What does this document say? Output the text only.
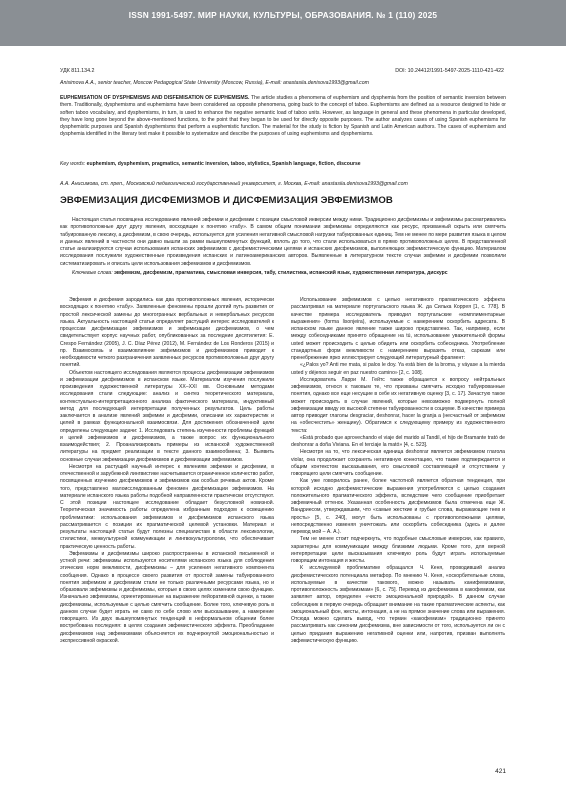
ISSN 1991-5497. МИР НАУКИ, КУЛЬТУРЫ, ОБРАЗОВАНИЯ. № 1 (110) 2025
УДК 811.134.2	DOI: 10.24412/1991-5497-2025-1110-421-422
Anisimova A.A., senior teacher, Moscow Pedagogical State University (Moscow, Russia), E-mail: anastasiia.denisova1993@gmail.com
EUPHEMISATION OF DYSPHEMISMS AND DISFEMISATION OF EUPHEMISMS. The article studies a phenomena of euphemism and dysphemia from the position of semantic inversion between them. Traditionally, dysphemisms and euphemisms have been considered as opposite phenomena, going back to the concept of taboo. Euphemisms are defined as a resource designed to hide or soften taboo vocabulary, and dysphemisms, in turn, is used to enhance the negative semantic load of taboo units. However, as language in general and these phenomena in particular developed, they have long gone beyond the above-mentioned functions, to the point that they began to be used for directly opposite purposes. The author analyzes cases of using Spanish euphemisms for dysphemistic purposes and Spanish dysphemisms that perform a euphemistic function. The material for the study is fiction by Spanish and Latin American authors. The cases of euphemism and dysphemia identified in the literary text make it possible to systematize and describe the purposes of using euphemisms and dysphemisms.
Key words: euphemism, dysphemism, pragmatics, semantic inversion, taboo, stylistics, Spanish language, fiction, discourse
А.А. Анисимова, ст. преп., Московский педагогический государственный университет, г. Москва, E-mail: anastasiia.denisova1993@gmail.com
ЭВФЕМИЗАЦИЯ ДИСФЕМИЗМОВ И ДИСФЕМИЗАЦИЯ ЭВФЕМИЗМОВ

Настоящая статья посвящена исследованию явлений эвфемии и дисфемии с позиции смысловой инверсии между ними. Традиционно дисфемизмы и эвфемизмы рассматривались как противоположные друг другу явления, восходящие к понятию «табу». В самом общем понимании эвфемизмы определяются как ресурс, призванный скрыть или смягчить табуированную лексику, а дисфемизм, в свою очередь, используется для усиления негативной смысловой нагрузки табуированных единиц. Тем не менее по мере развития языка в целом и данных явлений в частности они давно вышли за рамки вышеупомянутых функций, вплоть до того, что стали использоваться в прямо противоположных целях. В представленной статье анализируются случаи использования испанских эвфемизмов с дисфемистическими целями и испанских дисфемизмов, выполняющих эвфемистическую функцию. Материалом исследования послужили художественные произведения испанских и латиноамериканских авторов. Выявленные в литературном тексте случаи эвфемии и дисфемии позволили систематизировать и описать цели использования эвфемизмов и дисфемизмов.

Ключевые слова: эвфемизм, дисфемизм, прагматика, смысловая инверсия, табу, стилистика, испанский язык, художественная литература, дискурс

Эвфемия и дисфемия зародились как два противоположных явления, исторически восходящих к понятию «табу». Заявленные феномены прошли долгий путь развития от простой лексической замены до многогранных вербальных и невербальных ресурсов языка. Актуальность настоящей статьи определяет растущий интерес исследователей к процессам дисфемизации эвфемизмов и эвфемизации дисфемизмов, о чем свидетельствует корпус научных работ, опубликованных за последние десятилетия: E. Crespo Fernández (2005), J. C. Díaz Pérez (2012), M. Fernández de Los Ronderos (2015) и пр. Взаимосвязь и взаимовлияние эвфемизмов и дисфемизмов приводит к необходимости четкого разграничения заявленных ресурсов противоположных друг другу понятий.

Объектом настоящего исследования являются процессы дисфемизации эвфемизмов и эвфемизации дисфемизмов в испанском языке. Материалом изучения послужили произведения художественной литературы XX–XXI вв. Основными методами исследования стали следующие: анализ и синтез теоретического материала, контекстуально-интерпретационного анализа фактического материала, индуктивный метод для последующей интерпретации полученных результатов. Цель работы заключается в анализе явлений эвфемии и дисфемии, описании их характеристик и целей в рамках функциональной взаимосвязи. Для достижения обозначенной цели определены следующие задачи: 1. Исследовать степень изученности проблемы функций и целей эвфемизмов и дисфемизмов, а также вопрос их функционального взаимодействия; 2. Проанализировать примеры из испанской художественной литературы на предмет реализации в тексте данного взаимообмена; 3. Выявить основные случаи эвфемизации дисфемизмов и дисфемизации эвфемизмов.

Несмотря на растущий научный интерес к явлениям эвфемии и дисфемии, в отечественной и зарубежной лингвистике насчитывается ограниченное количество работ, посвященных изучению дисфемизмов и эвфемизмов как особых речевых актов. Кроме того, представлено малоисследованным феномен дисфемизации эвфемизмов. На материале испанского языка работы подобной направленности практически отсутствуют. С этой позиции настоящее исследование обладает безусловной новизной. Теоретическая значимость работы определена избранным подходом к освещению проблематики: использования эвфемизмов и дисфемизмов испанского языка рассматривается с позиции их прагматической целевой установки. Материал и результаты настоящей статьи будут полезны специалистам в области лексикологии, стилистики, межкультурной коммуникации и лингвокультурологии, что обеспечивает практическую ценность работы.

Эвфемизмы и дисфемизмы широко распространены в испанской письменной и устной речи: эвфемизмы используются носителями испанского языка для соблюдения этических норм вежливости, дисфемизмы – для усиления негативного компонента сообщения. Однако в процессе своего развития от простой замены табуированного понятия эвфемизм и дисфемизм стали не только различными ресурсами языка, но и образовали эвфемизмы и дисфемизмы, которые в своих целях изменили свою функцию. Изначально эвфемизмы, ориентированные на выражение пейоративной оценки, а также дисфемизмы, используемые с целью смягчить сообщение. Более того, ключевую роль в данном случае будет играть не само по себе слово или высказывание, а намерение говорящего. Из двух вышеупомянутых тенденций в неформальном общении более востребована последняя: в целях создания эвфемистического эффекта. Преобладание дисфемизмов над эвфемизмами объясняется их подчеркнутой эмоциональностью и экспрессивной окраской.

Использование эвфемизмов с целью негативного прагматического эффекта рассматривал на материале португальского языка Ж. да Силька Коррея [1, с. 778]. В качестве примера исследователь приводил португальские «комплиментарные выражения» (forma lisonjeira), используемые с намерением оскорбить адресата. В испанском языке данное явление также широко представлено. Так, например, если между собеседниками принято обращение на tú, использование уважительной формы usted может происходить с целью обидеть или оскорбить собеседника. Употребление стандартных форм вежливости с намерением выразить отказ, сарказм или пренебрежение ярко иллюстрирует следующий литературный фрагмент:

«¿Palos yo? Anti me mata, si palos le doy. Ya está bien de la broma, y váyase a la mierda usted y déjenos seguir en paz nuestro camino» [2, c. 108].

Исследователь Ларри М. Гейтс также обращается к вопросу нейтральных эвфемизмов, относя к таковым те, что призваны смягчить исходно табуированные понятия, однако все еще несущие в себе их негативную оценку [3, c. 17]. Зачастую такое может происходить в случае явлений, которые невозможно подвергнуть полной эвфемизации ввиду их высокой степени табуированности в социуме. В качестве примера автор приводит глаголы desgraciar, deshonrar, hacer la granja a (несчастный от эвфемизм на «обесчестить» женщину). Обратимся к следующему примеру из художественного текста:

«Está probado que aprovechando el viaje del marido al Tandil, el hijo de Bramante trató de deshonrar a doña Viviana. En el terciaje la mató» [4, c. 523].

Несмотря на то, что лексическая единица deshonrar является эвфемизмом глагола violar, она продолжает сохранять негативную коннотацию, что также подтверждается и общим контекстом высказывания, его смысловой составляющей и отсутствием у говорящего цели смягчить сообщение.

Как уже говорилось ранее, более частотной является обратная тенденция, при которой исходно дисфемистические выражения употребляются с целью создания положительного прагматического эффекта, вследствие чего сообщение приобретает эвфемичный оттенок. Указанная особенность дисфемизмов была отмечена еще Ж. Вандриесом, утверждавшим, что «самые жесткие и грубые слова, выражающие гнев и ярость» [5, с. 240], могут быть использованы с противоположными целями, непосредственно изменяя уничтожать или оскорбить собеседника (здесь и далее перевод мой – А. А.).

Тем не менее стоит подчеркнуть, что подобные смысловые инверсии, как правило, характерны для коммуникации между близкими людьми. Кроме того, для верной интерпретации цели высказывания ключевую роль будут играть используемые говорящим интонация и жесты.

К исследуемой проблематике обращался Ч. Кеня, проводивший анализ дисфемистического потенциала метафор. По мнению Ч. Кеня, «оскорбительные слова, используемые в качестве такового, можно называть канифемизмами, противоположность эвфемизмам» [6, c. 75]. Перевод из дисфемизма в какофемизм, как заявляет автор, определен «чисто эмоциональной природой». В данном случае собеседник в первую очередь обращает внимание на такие прагматические аспекты, как эмоциональный фон, жесты, интонация, а не на прямое значение слова или выражения. Отсюда можно сделать вывод, что термин «какофемизм» традиционно принято рассматривать как синоним дисфемизма, вне зависимости от того, используется ли он с целью придания выражению негативной оценки или, напротив, призван выполнять эвфемистическую функцию.

421
